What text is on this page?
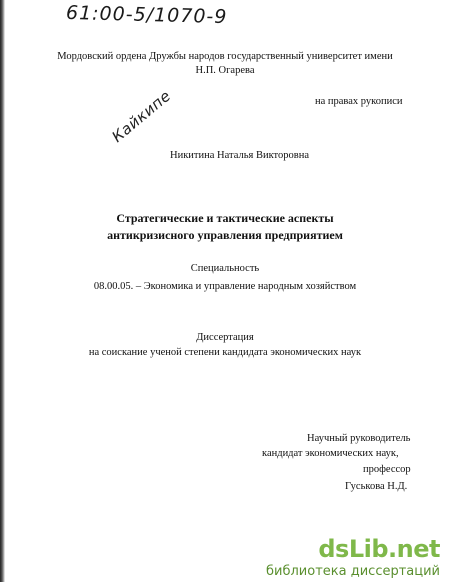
61:00-5/1070-9
Мордовский ордена Дружбы народов государственный университет имени
Н.П. Огарева
на правах рукописи
Кайкипе
Никитина Наталья Викторовна
Стратегические и тактические аспекты
антикризисного управления предприятием
Специальность
08.00.05. – Экономика и управление народным хозяйством
Диссертация
на соискание ученой степени кандидата экономических наук
Научный руководитель
кандидат экономических наук,
профессор
Гуськова Н.Д.
dsLib.net
библиотека диссертаций
